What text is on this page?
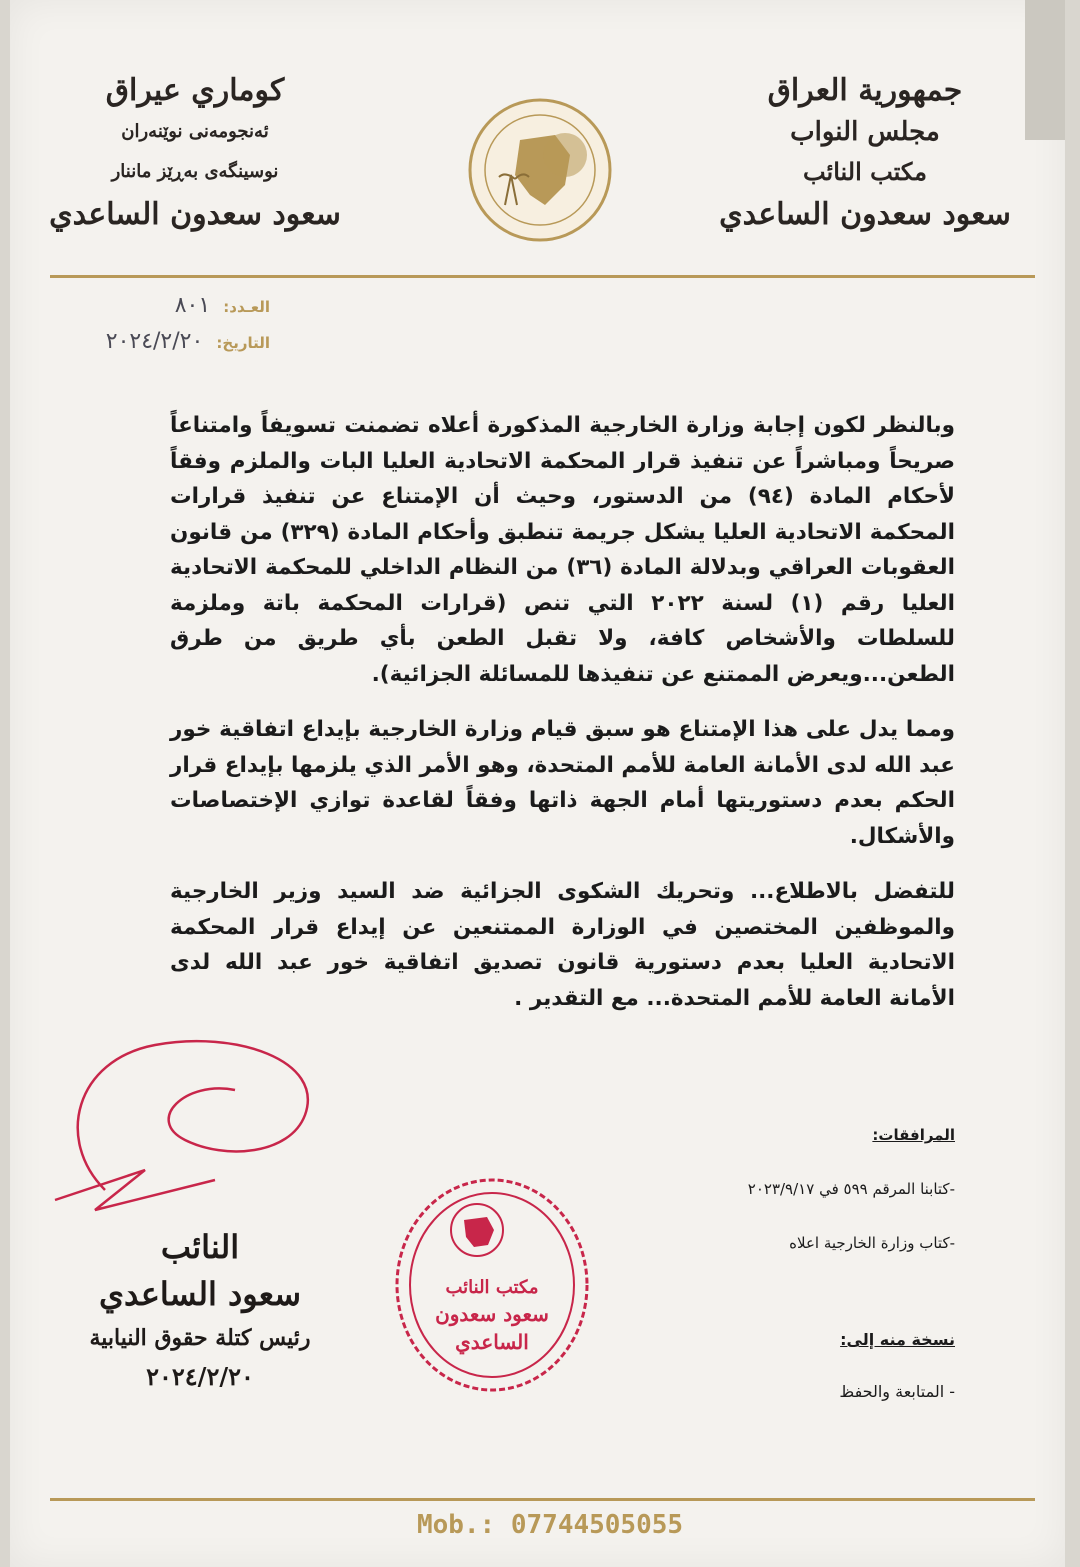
جمهورية العراق
مجلس النواب
مكتب النائب
سعود سعدون الساعدي
كوماري عيراق
ئەنجومەنی نوێنەران
نوسینگەی بەڕێز ماننار
سعود سعدون الساعدي
العـدد: ٨٠١
التاريخ: ٢٠٢٤/٢/٢٠
وبالنظر لكون إجابة وزارة الخارجية المذكورة أعلاه تضمنت تسويفاً وامتناعاً صريحاً ومباشراً عن تنفيذ قرار المحكمة الاتحادية العليا البات والملزم وفقاً لأحكام المادة (٩٤) من الدستور، وحيث أن الإمتناع عن تنفيذ قرارات المحكمة الاتحادية العليا يشكل جريمة تنطبق وأحكام المادة (٣٢٩) من قانون العقوبات العراقي وبدلالة المادة (٣٦) من النظام الداخلي للمحكمة الاتحادية العليا رقم (١) لسنة ٢٠٢٢ التي تنص (قرارات المحكمة باتة وملزمة للسلطات والأشخاص كافة، ولا تقبل الطعن بأي طريق من طرق الطعن...ويعرض الممتنع عن تنفيذها للمسائلة الجزائية).
ومما يدل على هذا الإمتناع هو سبق قيام وزارة الخارجية بإيداع اتفاقية خور عبد الله لدى الأمانة العامة للأمم المتحدة، وهو الأمر الذي يلزمها بإيداع قرار الحكم بعدم دستوريتها أمام الجهة ذاتها وفقاً لقاعدة توازي الإختصاصات والأشكال.
للتفضل بالاطلاع... وتحريك الشكوى الجزائية ضد السيد وزير الخارجية والموظفين المختصين في الوزارة الممتنعين عن إيداع قرار المحكمة الاتحادية العليا بعدم دستورية قانون تصديق اتفاقية خور عبد الله لدى الأمانة العامة للأمم المتحدة... مع التقدير .
المرافقات:
-كتابنا المرقم ٥٩٩ في ٢٠٢٣/٩/١٧
-كتاب وزارة الخارجية اعلاه
نسخة منه إلى:
- المتابعة والحفظ
النائب
سعود الساعدي
رئيس كتلة حقوق النيابية
٢٠٢٤/٢/٢٠
مكتب النائب
سعود سعدون
الساعدي
Mob.: 07744505055
